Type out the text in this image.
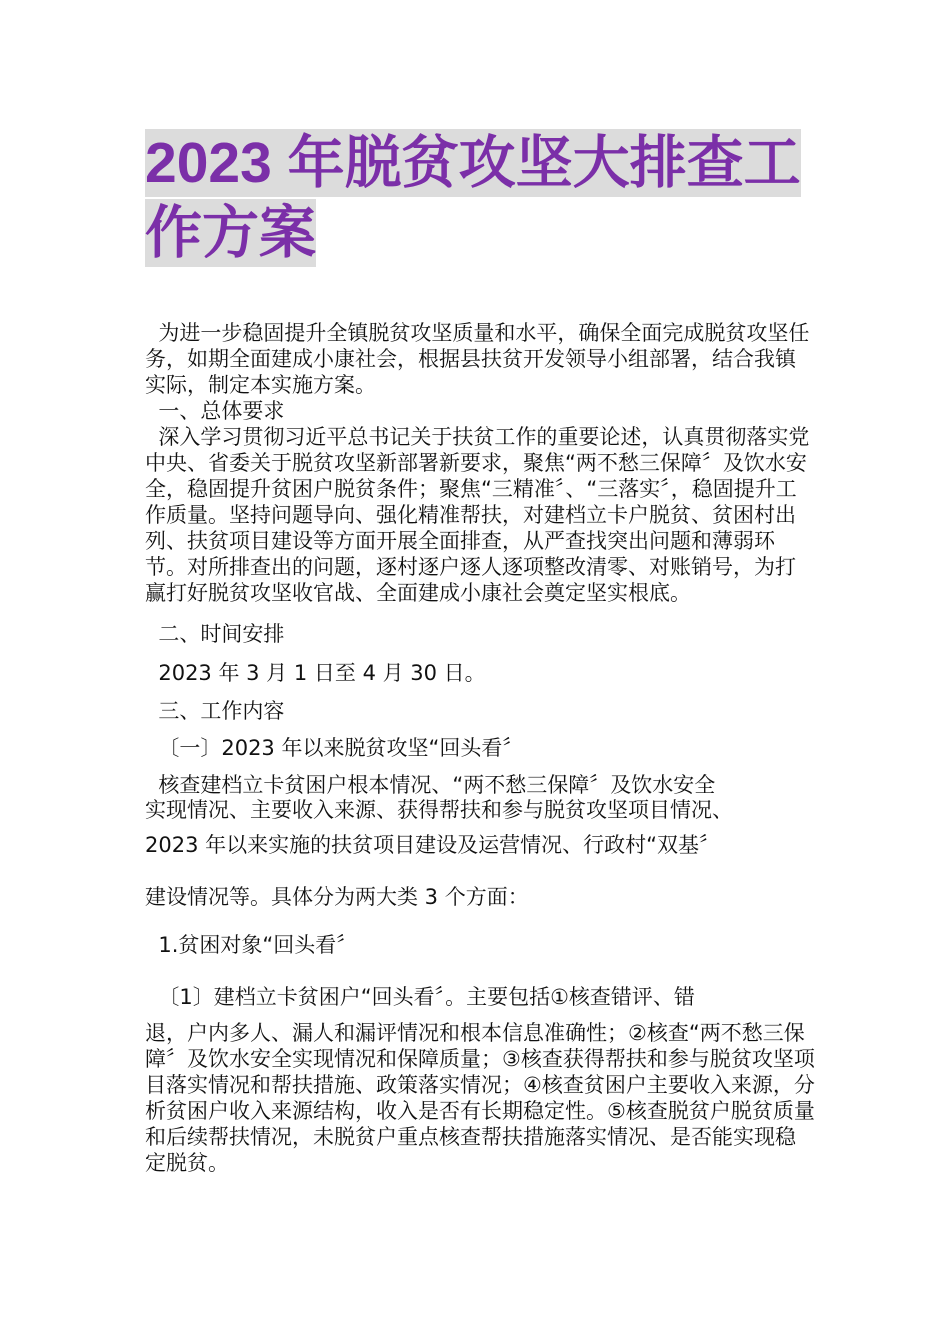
2023 年脱贫攻坚大排查工作方案

为进一步稳固提升全镇脱贫攻坚质量和水平，确保全面完成脱贫攻坚任务，如期全面建成小康社会，根据县扶贫开发领导小组部署，结合我镇实际，制定本实施方案。

一、总体要求

深入学习贯彻习近平总书记关于扶贫工作的重要论述，认真贯彻落实党中央、省委关于脱贫攻坚新部署新要求，聚焦“两不愁三保障〞及饮水安全，稳固提升贫困户脱贫条件；聚焦“三精准〞、“三落实〞，稳固提升工作质量。坚持问题导向、强化精准帮扶，对建档立卡户脱贫、贫困村出列、扶贫项目建设等方面开展全面排查，从严查找突出问题和薄弱环节。对所排查出的问题，逐村逐户逐人逐项整改清零、对账销号，为打赢打好脱贫攻坚收官战、全面建成小康社会奠定坚实根底。

二、时间安排

2023 年 3 月 1 日至 4 月 30 日。

三、工作内容

〔一〕2023 年以来脱贫攻坚“回头看〞

核查建档立卡贫困户根本情况、“两不愁三保障〞及饮水安全

实现情况、主要收入来源、获得帮扶和参与脱贫攻坚项目情况、

2023 年以来实施的扶贫项目建设及运营情况、行政村“双基〞

建设情况等。具体分为两大类 3 个方面：

1.贫困对象“回头看〞

〔1〕建档立卡贫困户“回头看〞。主要包括①核查错评、错

退，户内多人、漏人和漏评情况和根本信息准确性；②核查“两不愁三保障〞及饮水安全实现情况和保障质量；③核查获得帮扶和参与脱贫攻坚项目落实情况和帮扶措施、政策落实情况；④核查贫困户主要收入来源，分析贫困户收入来源结构，收入是否有长期稳定性。⑤核查脱贫户脱贫质量和后续帮扶情况，未脱贫户重点核查帮扶措施落实情况、是否能实现稳定脱贫。
